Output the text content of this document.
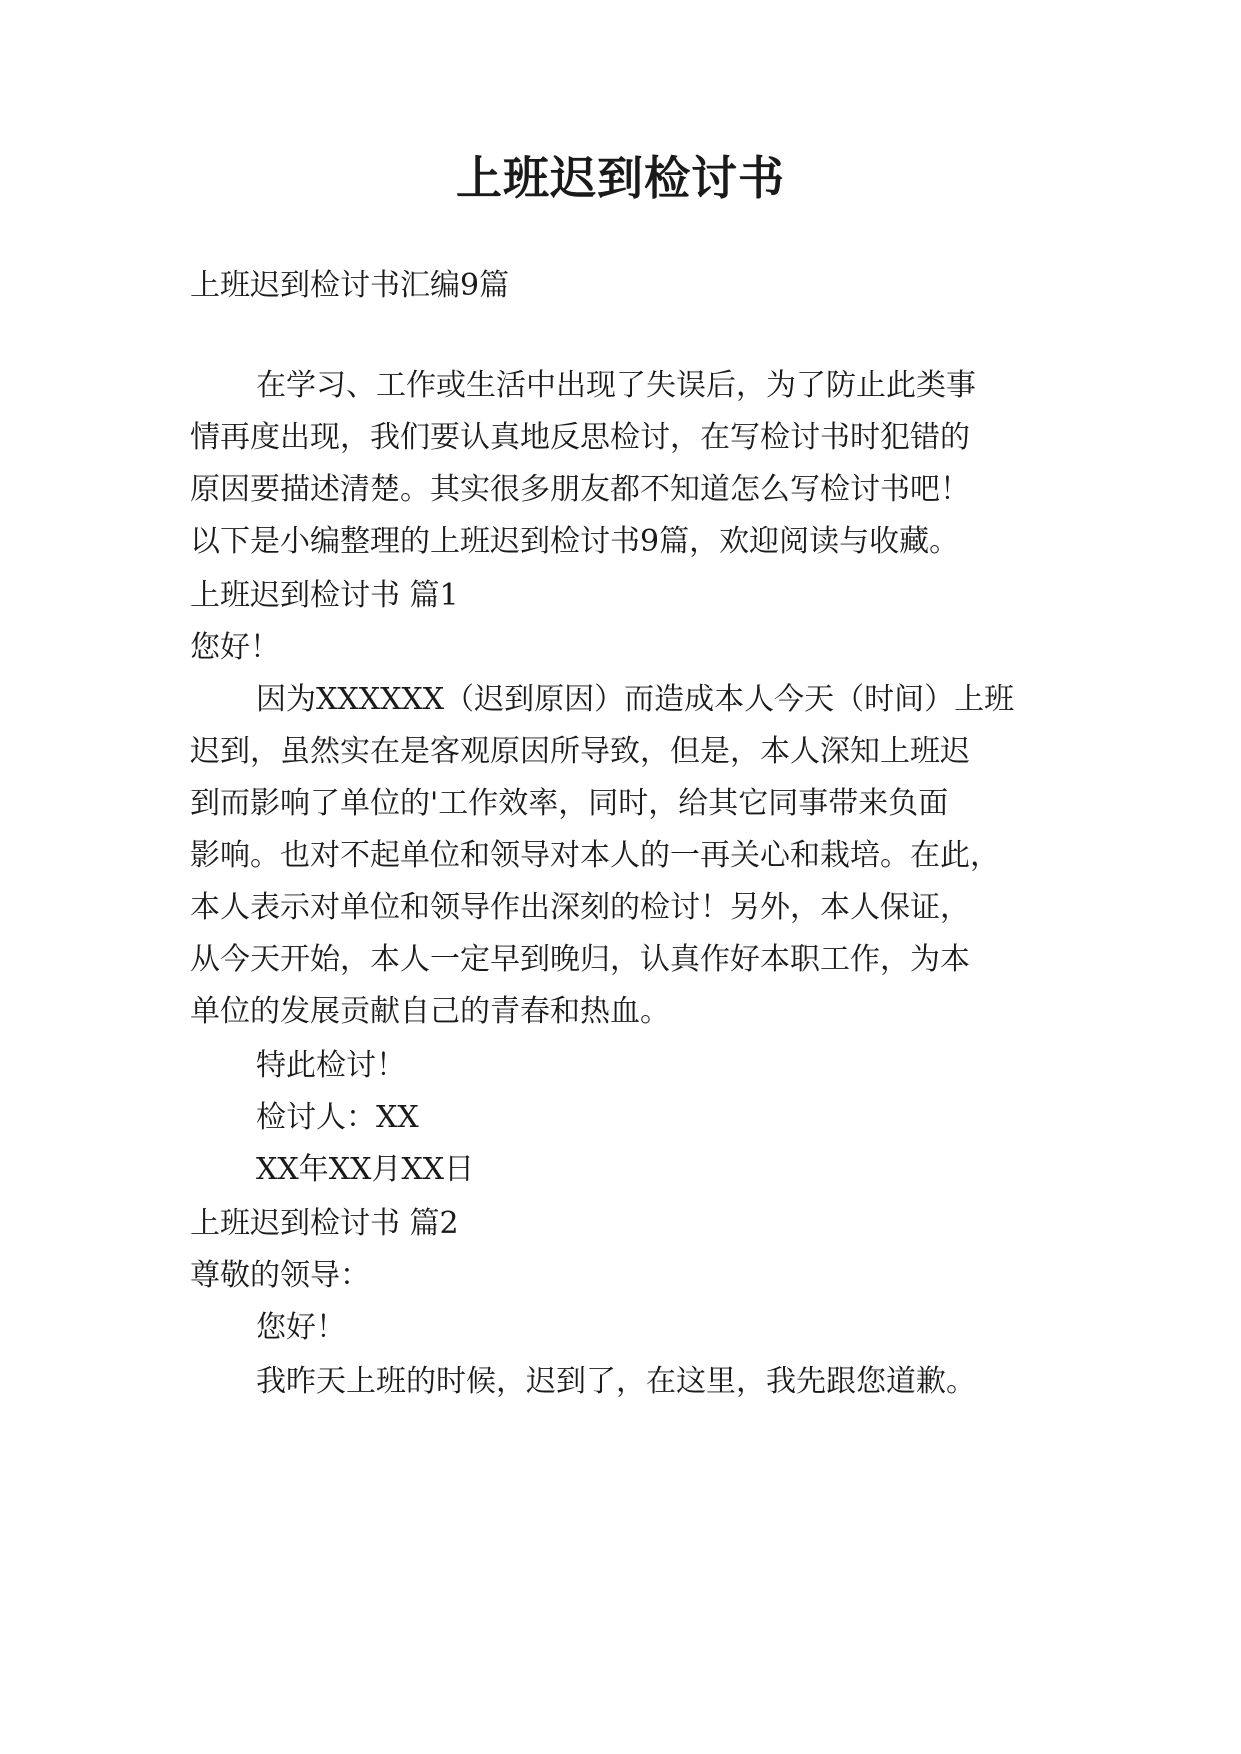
上班迟到检讨书
上班迟到检讨书汇编9篇
在学习、工作或生活中出现了失误后，为了防止此类事
情再度出现，我们要认真地反思检讨，在写检讨书时犯错的
原因要描述清楚。其实很多朋友都不知道怎么写检讨书吧！
以下是小编整理的上班迟到检讨书9篇，欢迎阅读与收藏。
上班迟到检讨书 篇1
您好！
因为XXXXXX（迟到原因）而造成本人今天（时间）上班
迟到，虽然实在是客观原因所导致，但是，本人深知上班迟
到而影响了单位的'工作效率，同时，给其它同事带来负面
影响。也对不起单位和领导对本人的一再关心和栽培。在此，
本人表示对单位和领导作出深刻的检讨！另外，本人保证，
从今天开始，本人一定早到晚归，认真作好本职工作，为本
单位的发展贡献自己的青春和热血。
特此检讨！
检讨人：XX
XX年XX月XX日
上班迟到检讨书 篇2
尊敬的领导：
您好！
我昨天上班的时候，迟到了，在这里，我先跟您道歉。
